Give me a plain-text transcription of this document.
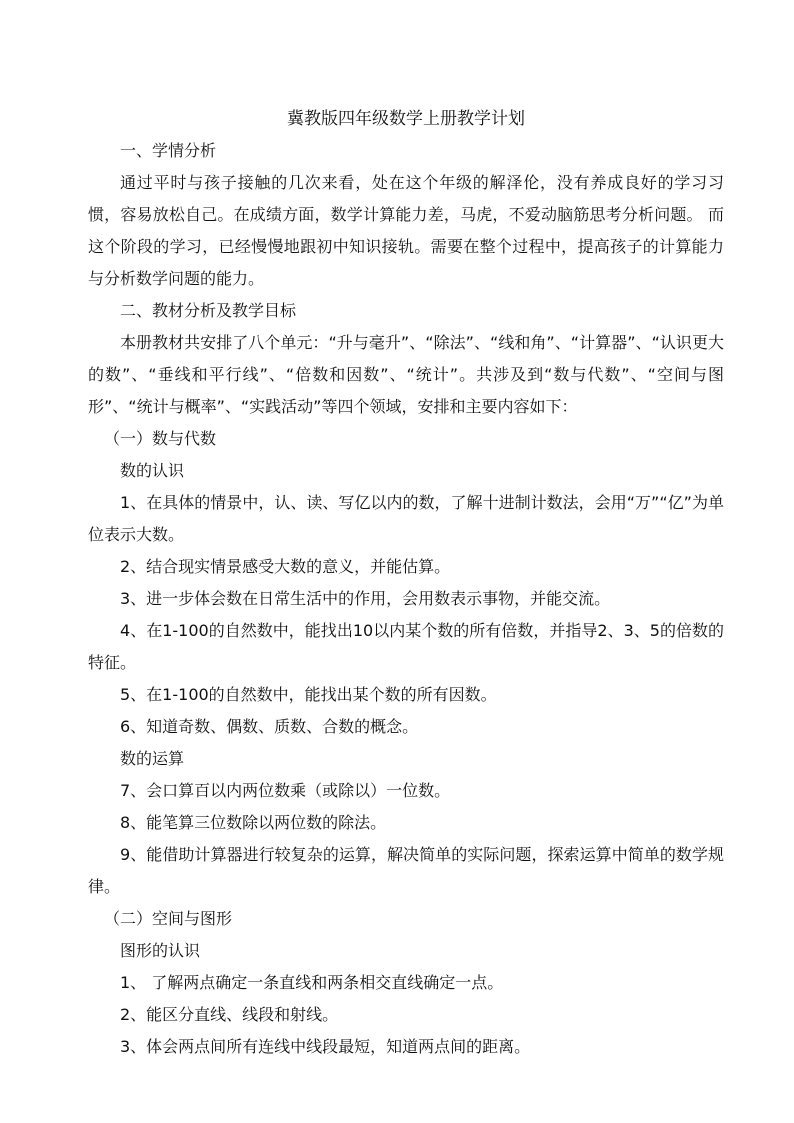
冀教版四年级数学上册教学计划

一、学情分析

通过平时与孩子接触的几次来看，处在这个年级的解泽伦，没有养成良好的学习习惯，容易放松自己。在成绩方面，数学计算能力差，马虎，不爱动脑筋思考分析问题。 而这个阶段的学习，已经慢慢地跟初中知识接轨。需要在整个过程中，提高孩子的计算能力与分析数学问题的能力。

二、教材分析及教学目标

本册教材共安排了八个单元：“升与毫升”、“除法”、“线和角”、“计算器”、“认识更大的数”、“垂线和平行线”、“倍数和因数”、“统计”。共涉及到“数与代数”、“空间与图形”、“统计与概率”、“实践活动”等四个领域，安排和主要内容如下：

（一）数与代数

数的认识

1、在具体的情景中，认、读、写亿以内的数，了解十进制计数法，会用“万”“亿”为单位表示大数。

2、结合现实情景感受大数的意义，并能估算。

3、进一步体会数在日常生活中的作用，会用数表示事物，并能交流。

4、在1-100的自然数中，能找出10以内某个数的所有倍数，并指导2、3、5的倍数的特征。

5、在1-100的自然数中，能找出某个数的所有因数。

6、知道奇数、偶数、质数、合数的概念。

数的运算

7、会口算百以内两位数乘（或除以）一位数。

8、能笔算三位数除以两位数的除法。

9、能借助计算器进行较复杂的运算，解决简单的实际问题，探索运算中简单的数学规律。

（二）空间与图形

图形的认识

1、 了解两点确定一条直线和两条相交直线确定一点。

2、能区分直线、线段和射线。

3、体会两点间所有连线中线段最短，知道两点间的距离。
